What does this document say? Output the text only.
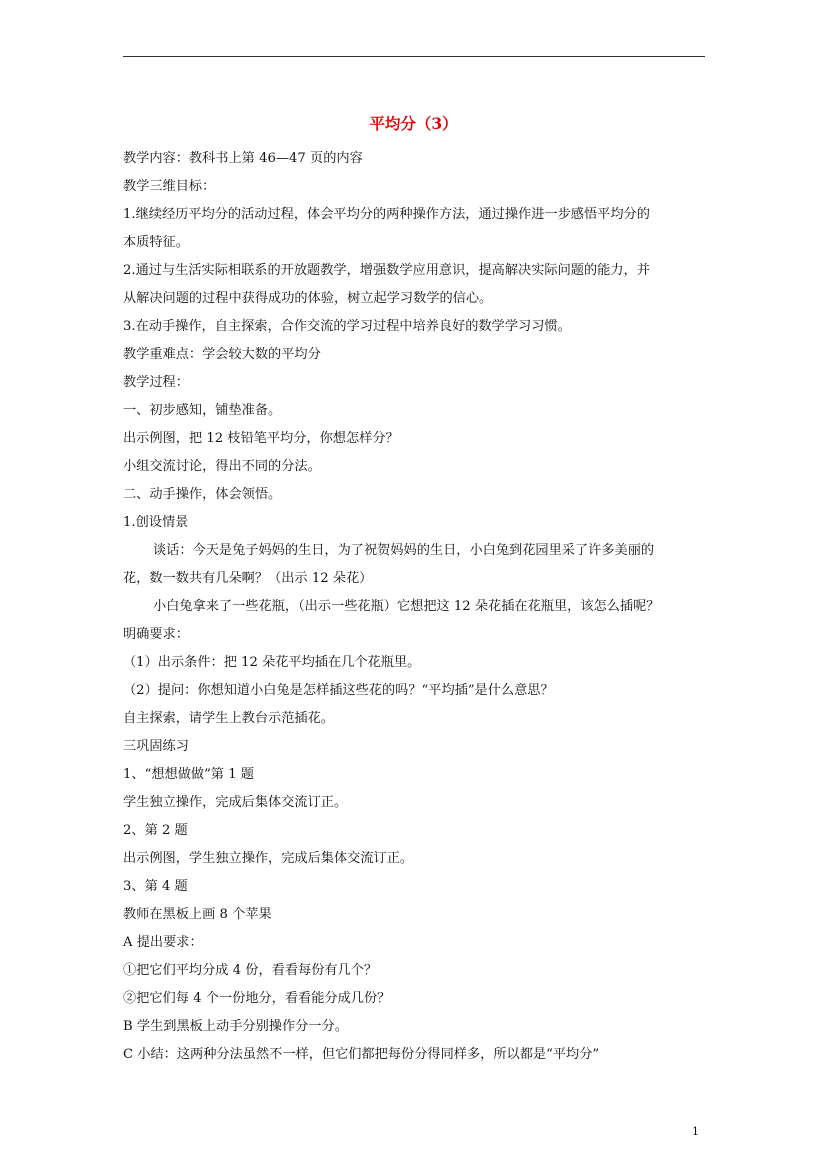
平均分（3）
教学内容：教科书上第 46—47 页的内容
教学三维目标：
1.继续经历平均分的活动过程，体会平均分的两种操作方法，通过操作进一步感悟平均分的
本质特征。
2.通过与生活实际相联系的开放题教学，增强数学应用意识，提高解决实际问题的能力，并
从解决问题的过程中获得成功的体验，树立起学习数学的信心。
3.在动手操作，自主探索，合作交流的学习过程中培养良好的数学学习习惯。
教学重难点：学会较大数的平均分
教学过程：
一、初步感知，铺垫准备。
出示例图，把 12 枝铅笔平均分，你想怎样分？
小组交流讨论，得出不同的分法。
二、动手操作，体会领悟。
1.创设情景
谈话：今天是兔子妈妈的生日，为了祝贺妈妈的生日，小白兔到花园里采了许多美丽的
花，数一数共有几朵啊？（出示 12 朵花）
小白兔拿来了一些花瓶，（出示一些花瓶）它想把这 12 朵花插在花瓶里，该怎么插呢？
明确要求：
（1）出示条件：把 12 朵花平均插在几个花瓶里。
（2）提问：你想知道小白兔是怎样插这些花的吗？“平均插”是什么意思？
自主探索，请学生上教台示范插花。
三巩固练习
1、“想想做做”第 1 题
学生独立操作，完成后集体交流订正。
2、第 2 题
出示例图，学生独立操作，完成后集体交流订正。
3、第 4 题
教师在黑板上画 8 个苹果
A 提出要求：
①把它们平均分成 4 份，看看每份有几个？
②把它们每 4 个一份地分，看看能分成几份？
B 学生到黑板上动手分别操作分一分。
C 小结：这两种分法虽然不一样，但它们都把每份分得同样多，所以都是“平均分”
1
